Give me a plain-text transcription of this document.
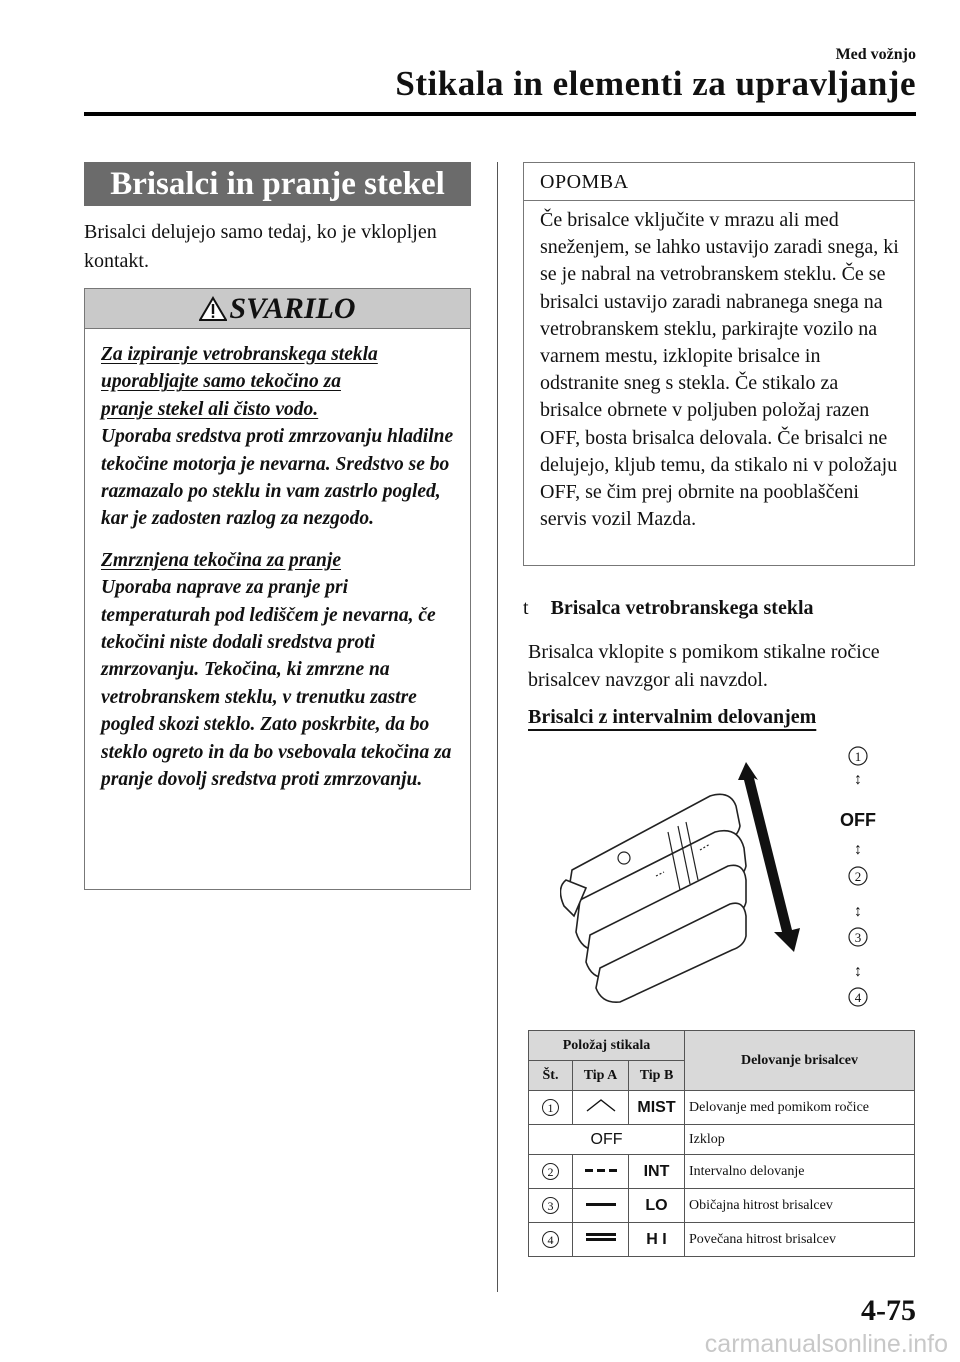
Med vožnjo
Stikala in elementi za upravljanje
Brisalci in pranje stekel
Brisalci delujejo samo tedaj, ko je vklopljen kontakt.
SVARILO

Za izpiranje vetrobranskega stekla
uporabljajte samo tekočino za
pranje stekel ali čisto vodo.
Uporaba sredstva proti zmrzovanju hladilne tekočine motorja je nevarna. Sredstvo se bo razmazalo po steklu in vam zastrlo pogled, kar je zadosten razlog za nezgodo.

Zmrznjena tekočina za pranje
Uporaba naprave za pranje pri temperaturah pod lediščem je nevarna, če tekočini niste dodali sredstva proti zmrzovanju. Tekočina, ki zmrzne na vetrobranskem steklu, v trenutku zastre pogled skozi steklo. Zato poskrbite, da bo steklo ogreto in da bo vsebovala tekočina za pranje dovolj sredstva proti zmrzovanju.

OPOMBA
Če brisalce vključite v mrazu ali med sneženjem, se lahko ustavijo zaradi snega, ki se je nabral na vetrobranskem steklu. Če se brisalci ustavijo zaradi nabranega snega na vetrobranskem steklu, parkirajte vozilo na varnem mestu, izklopite brisalce in odstranite sneg s stekla. Če stikalo za brisalce obrnete v poljuben položaj razen OFF, bosta brisalca delovala. Če brisalci ne delujejo, kljub temu, da stikalo ni v položaju OFF, se čim prej obrnite na pooblaščeni servis vozil Mazda.
t Brisalca vetrobranskega stekla
Brisalca vklopite s pomikom stikalne ročice brisalcev navzgor ali navzdol.
Brisalci z intervalnim delovanjem
1
↕
OFF
↕
2
↕
3
↕
4
Položaj stikala			Delovanje brisalcev
Št.	Tip A	Tip B	
1		MIST	Delovanje med pomikom ročice
OFF			Izklop
2		INT	Intervalno delovanje
3		LO	Običajna hitrost brisalcev
4		H I	Povečana hitrost brisalcev
4-75
carmanualsonline.info
